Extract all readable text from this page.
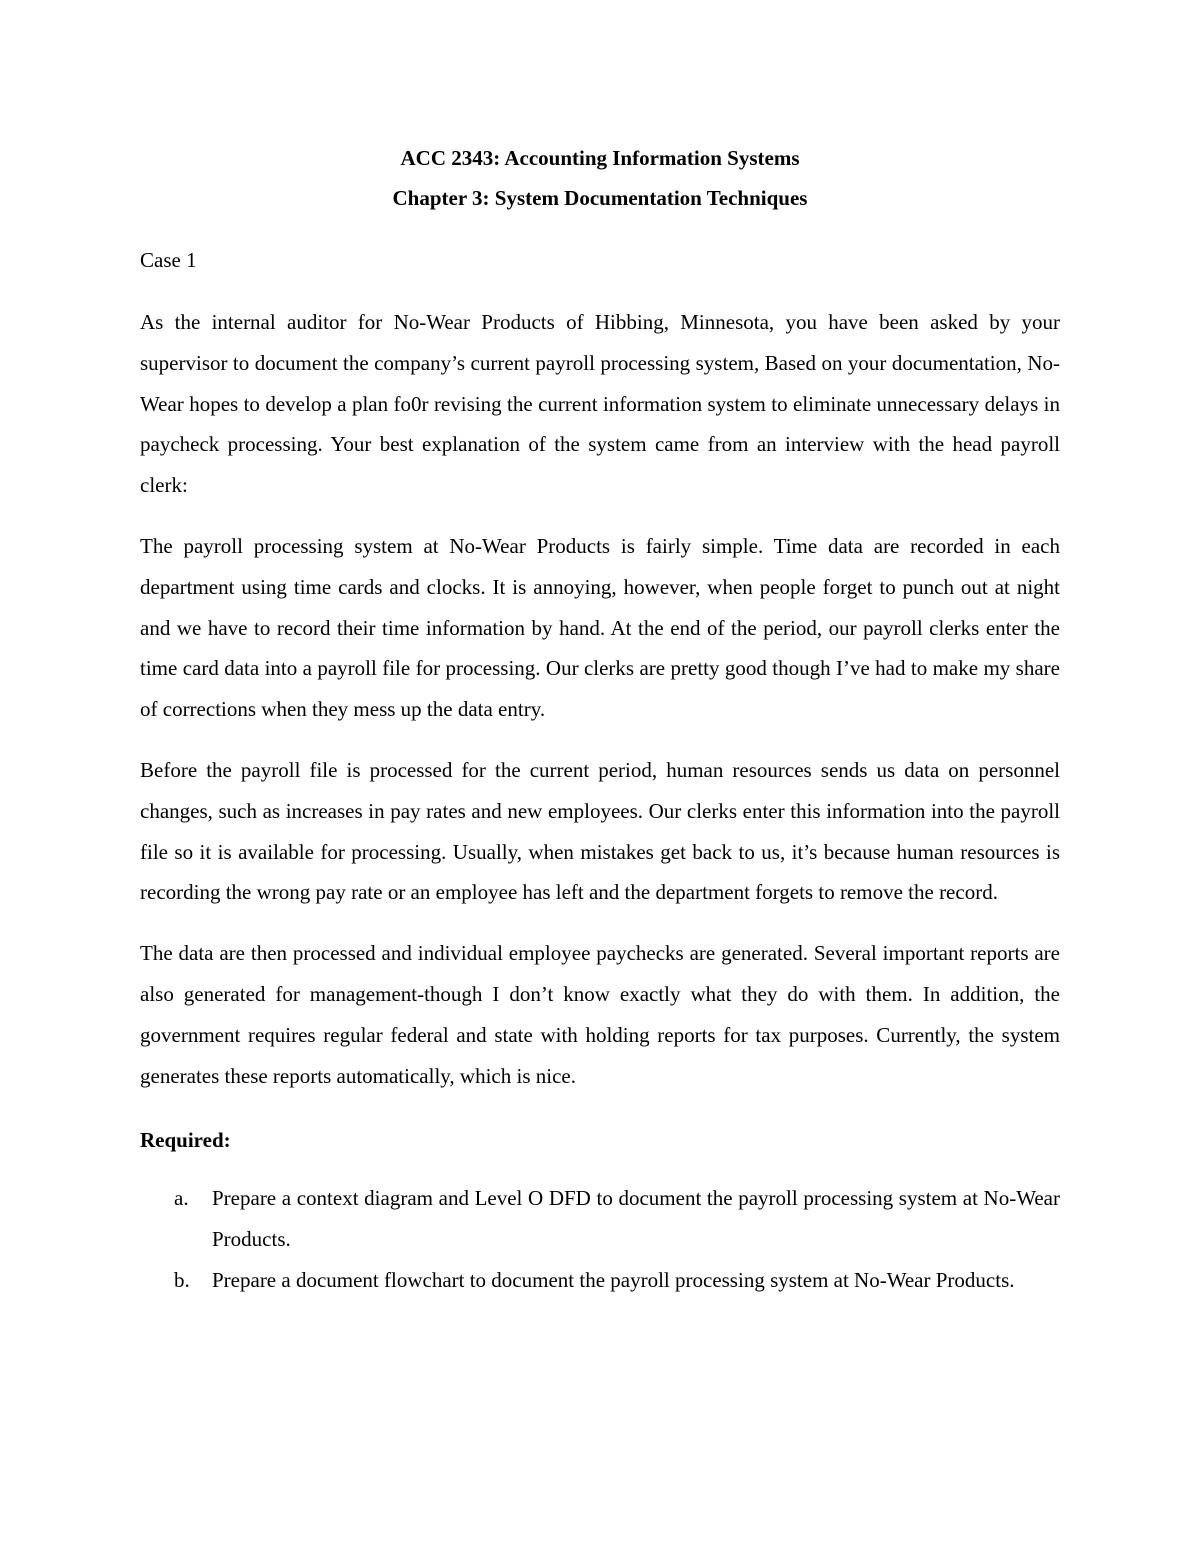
ACC 2343: Accounting Information Systems
Chapter 3: System Documentation Techniques

Case 1

As the internal auditor for No-Wear Products of Hibbing, Minnesota, you have been asked by your supervisor to document the company’s current payroll processing system, Based on your documentation, No-Wear hopes to develop a plan fo0r revising the current information system to eliminate unnecessary delays in paycheck processing. Your best explanation of the system came from an interview with the head payroll clerk:

The payroll processing system at No-Wear Products is fairly simple. Time data are recorded in each department using time cards and clocks. It is annoying, however, when people forget to punch out at night and we have to record their time information by hand. At the end of the period, our payroll clerks enter the time card data into a payroll file for processing. Our clerks are pretty good though I’ve had to make my share of corrections when they mess up the data entry.

Before the payroll file is processed for the current period, human resources sends us data on personnel changes, such as increases in pay rates and new employees. Our clerks enter this information into the payroll file so it is available for processing. Usually, when mistakes get back to us, it’s because human resources is recording the wrong pay rate or an employee has left and the department forgets to remove the record.

The data are then processed and individual employee paychecks are generated. Several important reports are also generated for management-though I don’t know exactly what they do with them. In addition, the government requires regular federal and state with holding reports for tax purposes. Currently, the system generates these reports automatically, which is nice.

Required:

a. Prepare a context diagram and Level O DFD to document the payroll processing system at No-Wear Products.
b. Prepare a document flowchart to document the payroll processing system at No-Wear Products.
